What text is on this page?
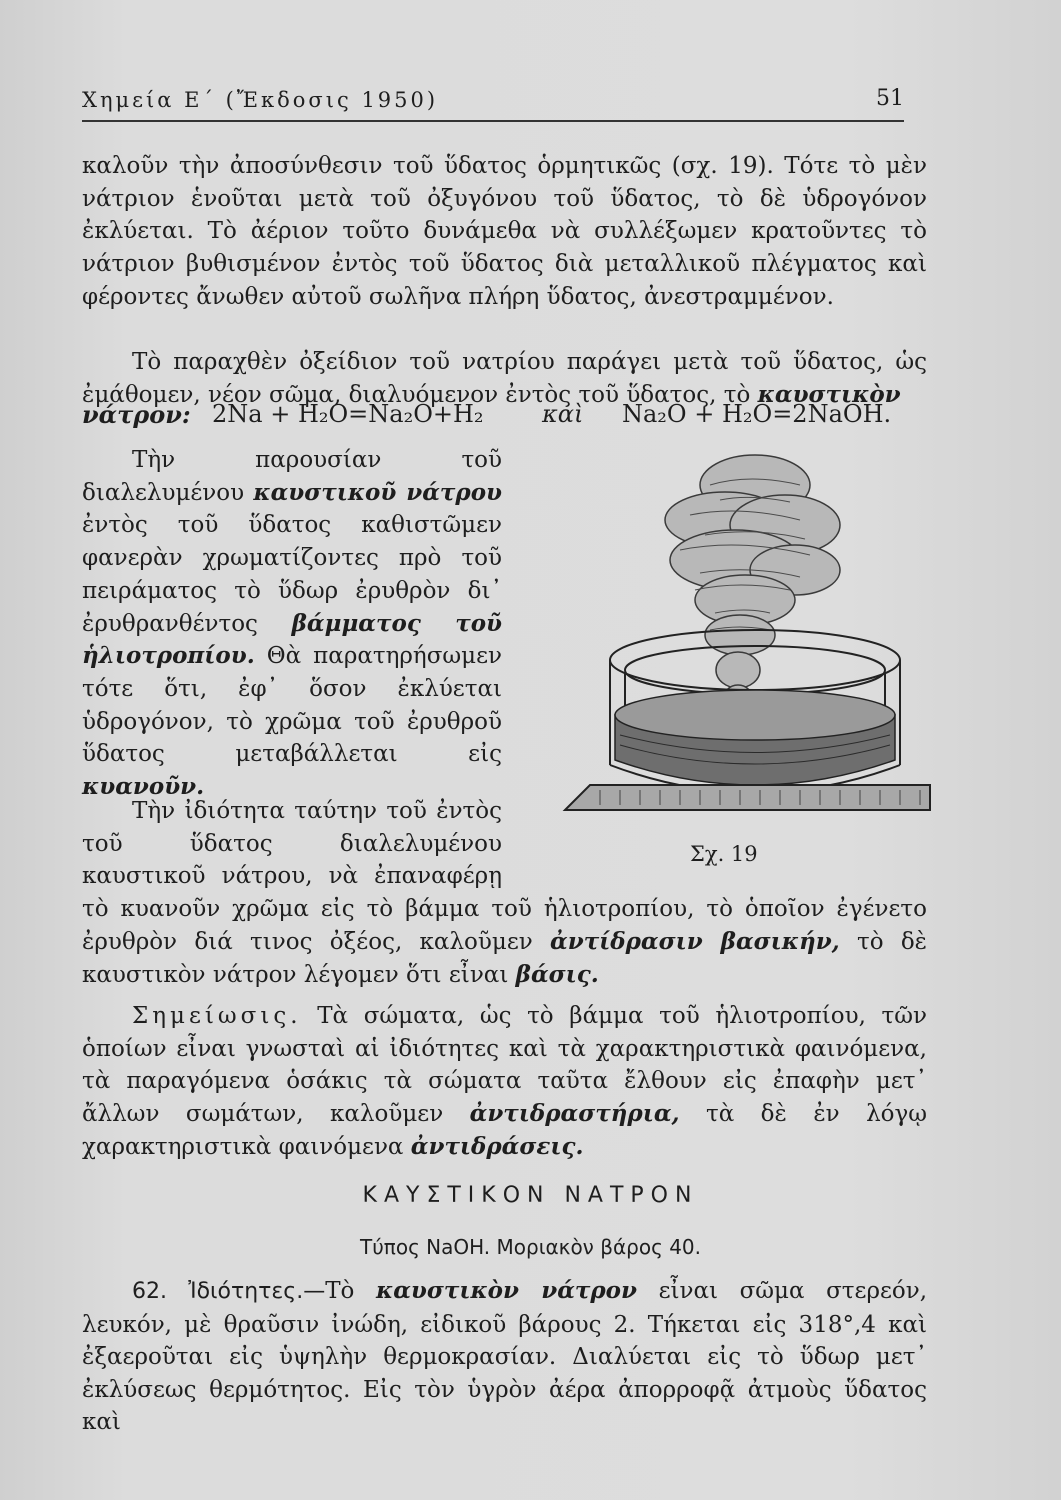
Χημεία Ε΄ (Ἔκδοσις 1950)	51
καλοῦν τὴν ἀποσύνθεσιν τοῦ ὕδατος ὁρμητικῶς (σχ. 19). Τότε τὸ μὲν νάτριον ἑνοῦται μετὰ τοῦ ὀξυγόνου τοῦ ὕδατος, τὸ δὲ ὑδρογόνον ἐκλύεται. Τὸ ἀέριον τοῦτο δυνάμεθα νὰ συλλέξωμεν κρατοῦντες τὸ νάτριον βυθισμένον ἐντὸς τοῦ ὕδατος διὰ μεταλλικοῦ πλέγματος καὶ φέροντες ἄνωθεν αὐτοῦ σωλῆνα πλήρη ὕδατος, ἀνεστραμμένον.
Τὸ παραχθὲν ὀξείδιον τοῦ νατρίου παράγει μετὰ τοῦ ὕδατος, ὡς ἐμάθομεν, νέον σῶμα, διαλυόμενον ἐντὸς τοῦ ὕδατος, τὸ καυστικὸν
νάτρον: 2Na + H₂O=Na₂O+H₂ καὶ Na₂O + H₂O=2NaOH.
Τὴν παρουσίαν τοῦ διαλελυμένου καυστικοῦ νάτρου ἐντὸς τοῦ ὕδατος καθιστῶμεν φανερὰν χρωματίζοντες πρὸ τοῦ πειράματος τὸ ὕδωρ ἐρυθρὸν δι᾽ ἐρυθρανθέντος βάμματος τοῦ ἡλιοτροπίου. Θὰ παρατηρήσωμεν τότε ὅτι, ἐφ᾽ ὅσον ἐκλύεται ὑδρογόνον, τὸ χρῶμα τοῦ ἐρυθροῦ ὕδατος μεταβάλλεται εἰς κυανοῦν.
Τὴν ἰδιότητα ταύτην τοῦ ἐντὸς τοῦ ὕδατος διαλελυμένου καυστικοῦ νάτρου, νὰ ἐπαναφέρῃ τὸ κυανοῦν χρῶμα εἰς τὸ βάμμα τοῦ ἡλιοτροπίου, τὸ ὁποῖον ἐγένετο ἐρυθρὸν διά τινος ὀξέος, καλοῦμεν ἀντίδρασιν βασικήν, τὸ δὲ καυστικὸν νάτρον λέγομεν ὅτι εἶναι βάσις.
Σημείωσις. Τὰ σώματα, ὡς τὸ βάμμα τοῦ ἡλιοτροπίου, τῶν ὁποίων εἶναι γνωσταὶ αἱ ἰδιότητες καὶ τὰ χαρακτηριστικὰ φαινόμενα, τὰ παραγόμενα ὁσάκις τὰ σώματα ταῦτα ἔλθουν εἰς ἐπαφὴν μετ᾽ ἄλλων σωμάτων, καλοῦμεν ἀντιδραστήρια, τὰ δὲ ἐν λόγῳ χαρακτηριστικὰ φαινόμενα ἀντιδράσεις.
Σχ. 19
ΚΑΥΣΤΙΚΟΝ ΝΑΤΡΟΝ
Τύπος NaOH. Μοριακὸν βάρος 40.
62. Ἰδιότητες.—Τὸ καυστικὸν νάτρον εἶναι σῶμα στερεόν, λευκόν, μὲ θραῦσιν ἰνώδη, εἰδικοῦ βάρους 2. Τήκεται εἰς 318°,4 καὶ ἐξαεροῦται εἰς ὑψηλὴν θερμοκρασίαν. Διαλύεται εἰς τὸ ὕδωρ μετ᾽ ἐκλύσεως θερμότητος. Εἰς τὸν ὑγρὸν ἀέρα ἀπορροφᾷ ἀτμοὺς ὕδατος καὶ
